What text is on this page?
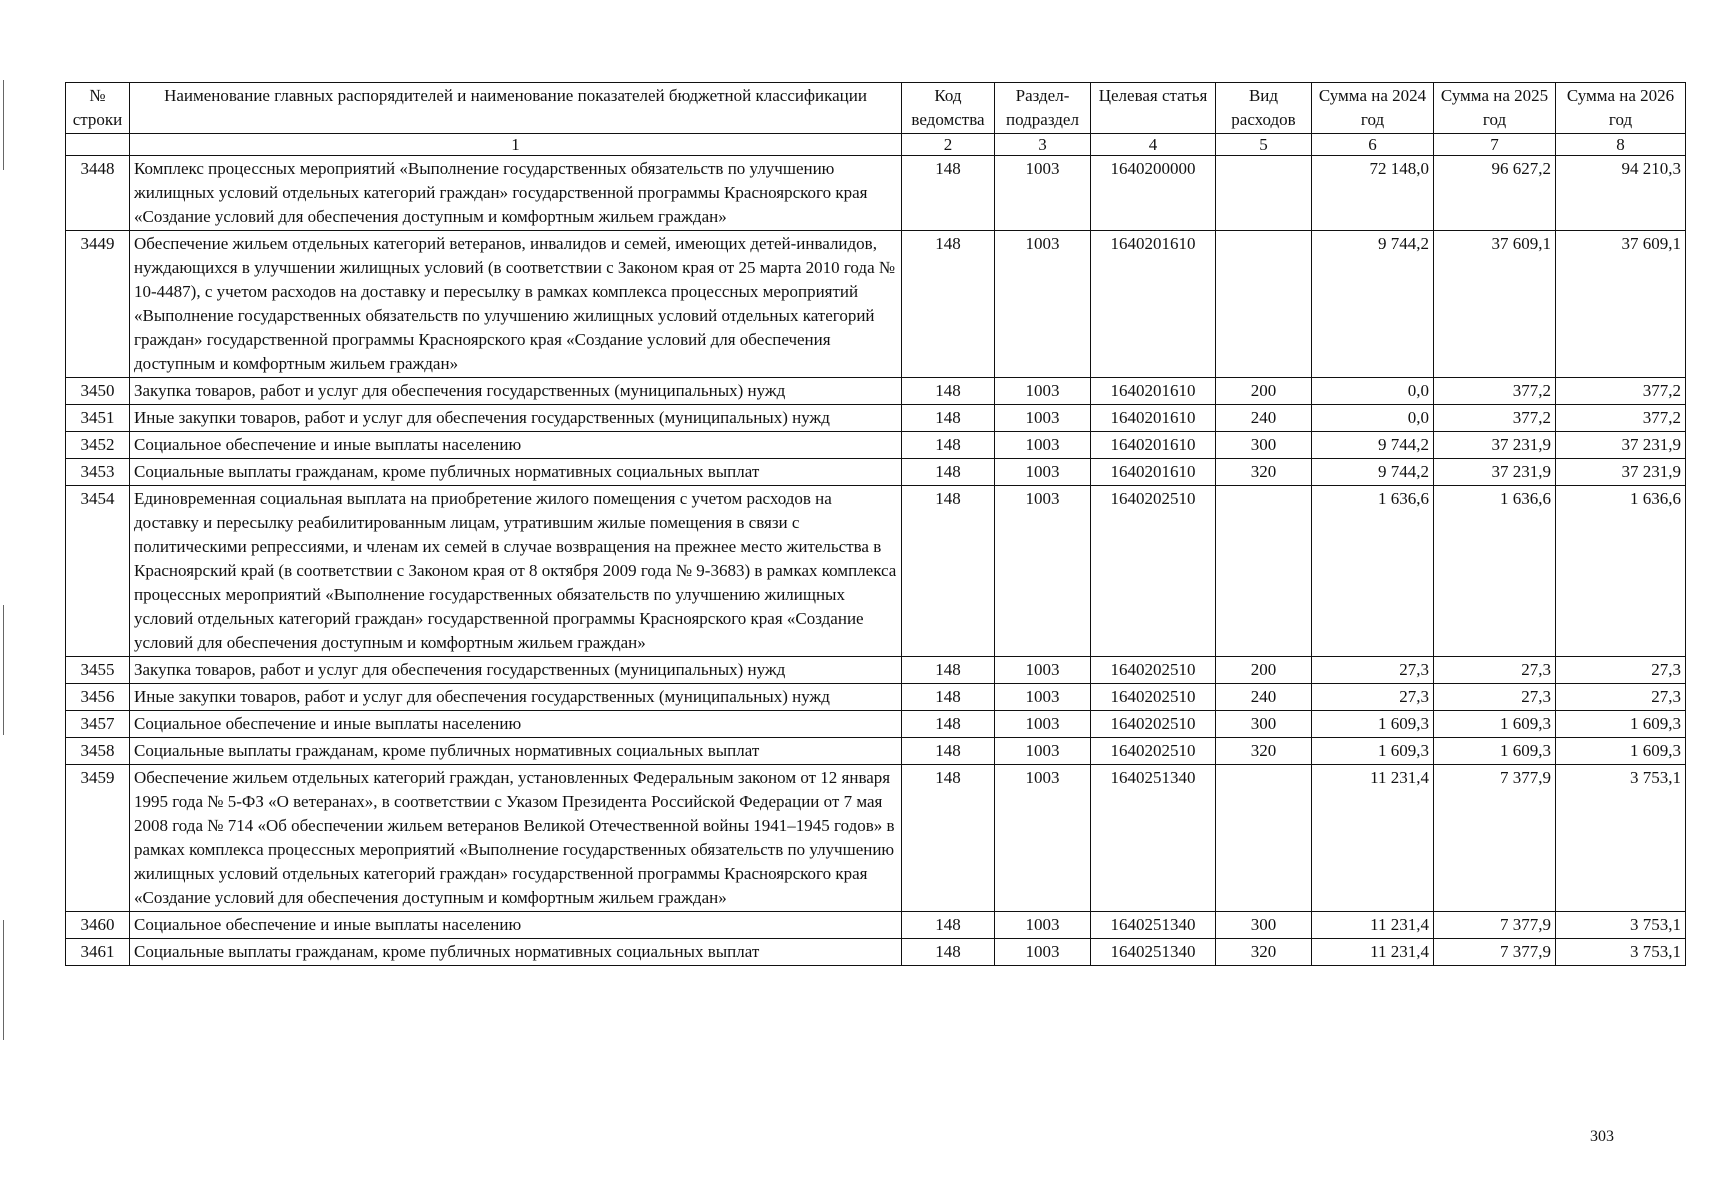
№ строки	Наименование главных распорядителей и наименование показателей бюджетной классификации	Код ведомства	Раздел-подраздел	Целевая статья	Вид расходов	Сумма на 2024 год	Сумма на 2025 год	Сумма на 2026 год
	1	2	3	4	5	6	7	8
3448	Комплекс процессных мероприятий «Выполнение государственных обязательств по улучшению жилищных условий отдельных категорий граждан» государственной программы Красноярского края «Создание условий для обеспечения доступным и комфортным жильем граждан»	148	1003	1640200000		72 148,0	96 627,2	94 210,3
3449	Обеспечение жильем отдельных категорий ветеранов, инвалидов и семей, имеющих детей-инвалидов, нуждающихся в улучшении жилищных условий (в соответствии с Законом края от 25 марта 2010 года № 10-4487), с учетом расходов на доставку и пересылку в рамках комплекса процессных мероприятий «Выполнение государственных обязательств по улучшению жилищных условий отдельных категорий граждан» государственной программы Красноярского края «Создание условий для обеспечения доступным и комфортным жильем граждан»	148	1003	1640201610		9 744,2	37 609,1	37 609,1
3450	Закупка товаров, работ и услуг для обеспечения государственных (муниципальных) нужд	148	1003	1640201610	200	0,0	377,2	377,2
3451	Иные закупки товаров, работ и услуг для обеспечения государственных (муниципальных) нужд	148	1003	1640201610	240	0,0	377,2	377,2
3452	Социальное обеспечение и иные выплаты населению	148	1003	1640201610	300	9 744,2	37 231,9	37 231,9
3453	Социальные выплаты гражданам, кроме публичных нормативных социальных выплат	148	1003	1640201610	320	9 744,2	37 231,9	37 231,9
3454	Единовременная социальная выплата на приобретение жилого помещения с учетом расходов на доставку и пересылку реабилитированным лицам, утратившим жилые помещения в связи с политическими репрессиями, и членам их семей в случае возвращения на прежнее место жительства в Красноярский край (в соответствии с Законом края от 8 октября 2009 года № 9-3683) в рамках комплекса процессных мероприятий «Выполнение государственных обязательств по улучшению жилищных условий отдельных категорий граждан» государственной программы Красноярского края «Создание условий для обеспечения доступным и комфортным жильем граждан»	148	1003	1640202510		1 636,6	1 636,6	1 636,6
3455	Закупка товаров, работ и услуг для обеспечения государственных (муниципальных) нужд	148	1003	1640202510	200	27,3	27,3	27,3
3456	Иные закупки товаров, работ и услуг для обеспечения государственных (муниципальных) нужд	148	1003	1640202510	240	27,3	27,3	27,3
3457	Социальное обеспечение и иные выплаты населению	148	1003	1640202510	300	1 609,3	1 609,3	1 609,3
3458	Социальные выплаты гражданам, кроме публичных нормативных социальных выплат	148	1003	1640202510	320	1 609,3	1 609,3	1 609,3
3459	Обеспечение жильем отдельных категорий граждан, установленных Федеральным законом от 12 января 1995 года № 5-ФЗ «О ветеранах», в соответствии с Указом Президента Российской Федерации от 7 мая 2008 года № 714 «Об обеспечении жильем ветеранов Великой Отечественной войны 1941–1945 годов» в рамках комплекса процессных мероприятий «Выполнение государственных обязательств по улучшению жилищных условий отдельных категорий граждан» государственной программы Красноярского края «Создание условий для обеспечения доступным и комфортным жильем граждан»	148	1003	1640251340		11 231,4	7 377,9	3 753,1
3460	Социальное обеспечение и иные выплаты населению	148	1003	1640251340	300	11 231,4	7 377,9	3 753,1
3461	Социальные выплаты гражданам, кроме публичных нормативных социальных выплат	148	1003	1640251340	320	11 231,4	7 377,9	3 753,1
303
